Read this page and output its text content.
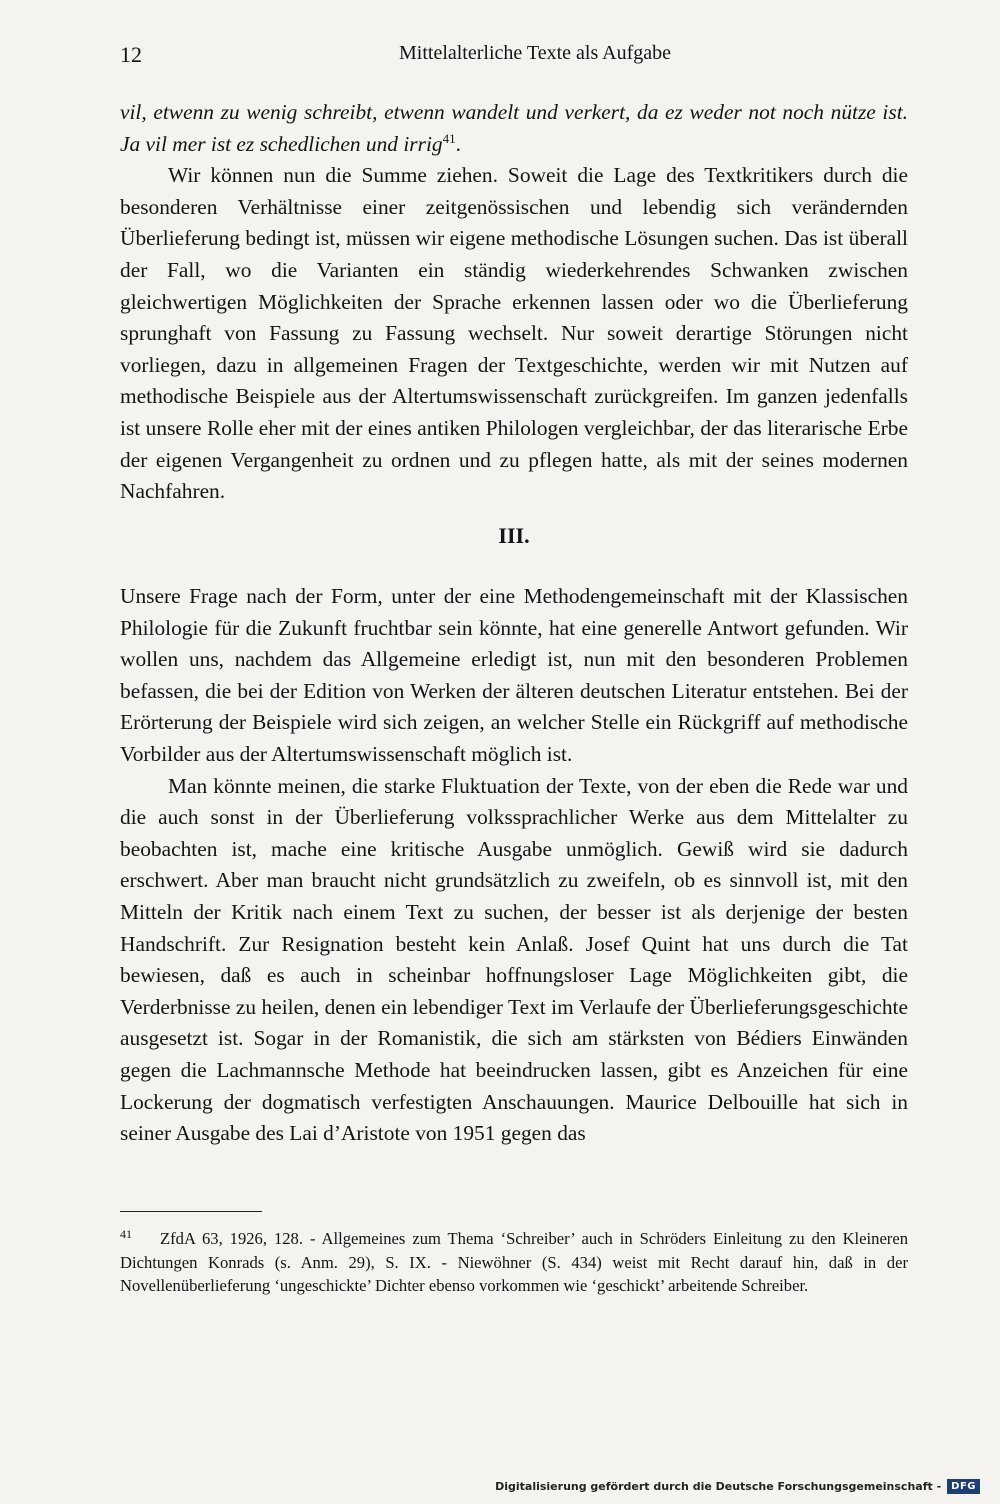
12	Mittelalterliche Texte als Aufgabe

vil, etwenn zu wenig schreibt, etwenn wandelt und verkert, da ez weder not noch nütze ist. Ja vil mer ist ez schedlichen und irrig$^{41}$.

Wir können nun die Summe ziehen. Soweit die Lage des Textkritikers durch die besonderen Verhältnisse einer zeitgenössischen und lebendig sich verändernden Überlieferung bedingt ist, müssen wir eigene methodische Lösungen suchen. Das ist überall der Fall, wo die Varianten ein ständig wiederkehrendes Schwanken zwischen gleichwertigen Möglichkeiten der Sprache erkennen lassen oder wo die Überlieferung sprunghaft von Fassung zu Fassung wechselt. Nur soweit derartige Störungen nicht vorliegen, dazu in allgemeinen Fragen der Textgeschichte, werden wir mit Nutzen auf methodische Beispiele aus der Altertumswissenschaft zurückgreifen. Im ganzen jedenfalls ist unsere Rolle eher mit der eines antiken Philologen vergleichbar, der das literarische Erbe der eigenen Vergangenheit zu ordnen und zu pflegen hatte, als mit der seines modernen Nachfahren.

III.

Unsere Frage nach der Form, unter der eine Methodengemeinschaft mit der Klassischen Philologie für die Zukunft fruchtbar sein könnte, hat eine generelle Antwort gefunden. Wir wollen uns, nachdem das Allgemeine erledigt ist, nun mit den besonderen Problemen befassen, die bei der Edition von Werken der älteren deutschen Literatur entstehen. Bei der Erörterung der Beispiele wird sich zeigen, an welcher Stelle ein Rückgriff auf methodische Vorbilder aus der Altertumswissenschaft möglich ist.

Man könnte meinen, die starke Fluktuation der Texte, von der eben die Rede war und die auch sonst in der Überlieferung volkssprachlicher Werke aus dem Mittelalter zu beobachten ist, mache eine kritische Ausgabe unmöglich. Gewiß wird sie dadurch erschwert. Aber man braucht nicht grundsätzlich zu zweifeln, ob es sinnvoll ist, mit den Mitteln der Kritik nach einem Text zu suchen, der besser ist als derjenige der besten Handschrift. Zur Resignation besteht kein Anlaß. Josef Quint hat uns durch die Tat bewiesen, daß es auch in scheinbar hoffnungsloser Lage Möglichkeiten gibt, die Verderbnisse zu heilen, denen ein lebendiger Text im Verlaufe der Überlieferungsgeschichte ausgesetzt ist. Sogar in der Romanistik, die sich am stärksten von Bédiers Einwänden gegen die Lachmannsche Methode hat beeindrucken lassen, gibt es Anzeichen für eine Lockerung der dogmatisch verfestigten Anschauungen. Maurice Delbouille hat sich in seiner Ausgabe des Lai d’Aristote von 1951 gegen das

41	ZfdA 63, 1926, 128. - Allgemeines zum Thema ‘Schreiber’ auch in Schröders Einleitung zu den Kleineren Dichtungen Konrads (s. Anm. 29), S. IX. - Niewöhner (S. 434) weist mit Recht darauf hin, daß in der Novellenüberlieferung ‘ungeschickte’ Dichter ebenso vorkommen wie ‘geschickt’ arbeitende Schreiber.
Digitalisierung gefördert durch die Deutsche Forschungsgemeinschaft -	DFG
